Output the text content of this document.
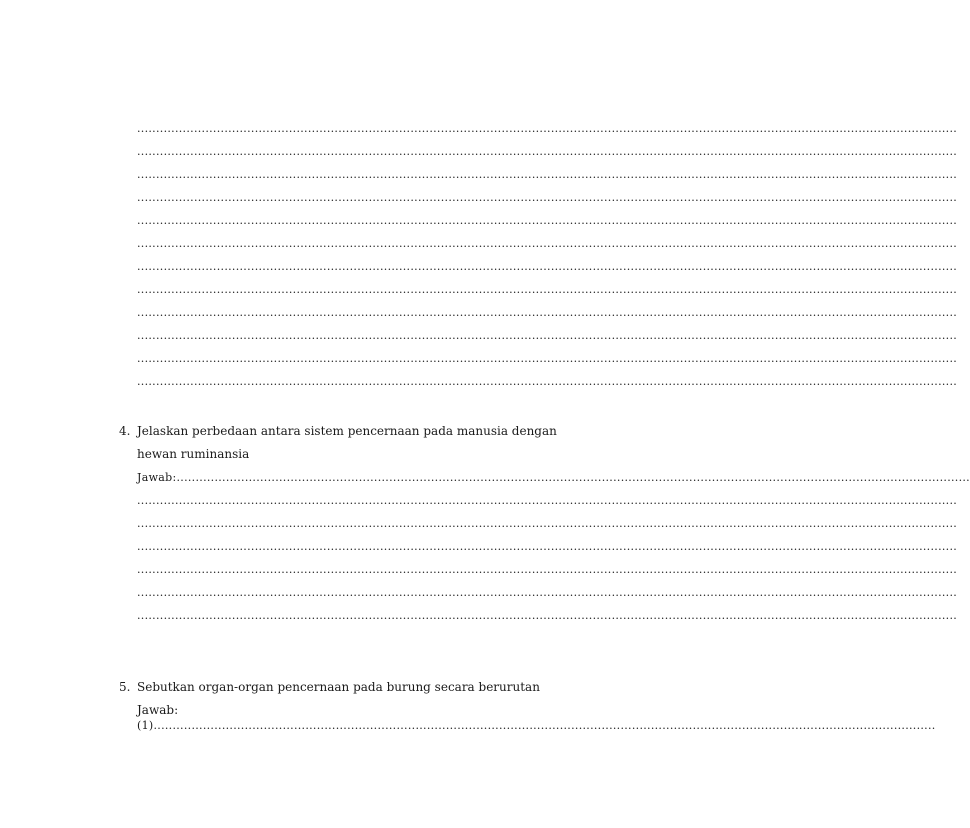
........................................................................................................................................................................................................................
........................................................................................................................................................................................................................
........................................................................................................................................................................................................................
........................................................................................................................................................................................................................
........................................................................................................................................................................................................................
........................................................................................................................................................................................................................
........................................................................................................................................................................................................................
........................................................................................................................................................................................................................
........................................................................................................................................................................................................................
........................................................................................................................................................................................................................
........................................................................................................................................................................................................................
........................................................................................................................................................................................................................
4. Jelaskan perbedaan antara sistem pencernaan pada manusia dengan
hewan ruminansia
Jawab:.................................................................................................................................................................................................................
........................................................................................................................................................................................................................
........................................................................................................................................................................................................................
........................................................................................................................................................................................................................
........................................................................................................................................................................................................................
........................................................................................................................................................................................................................
........................................................................................................................................................................................................................
5. Sebutkan organ-organ pencernaan pada burung secara berurutan
Jawab:
(1)..............................................................................................................................................................................................................
